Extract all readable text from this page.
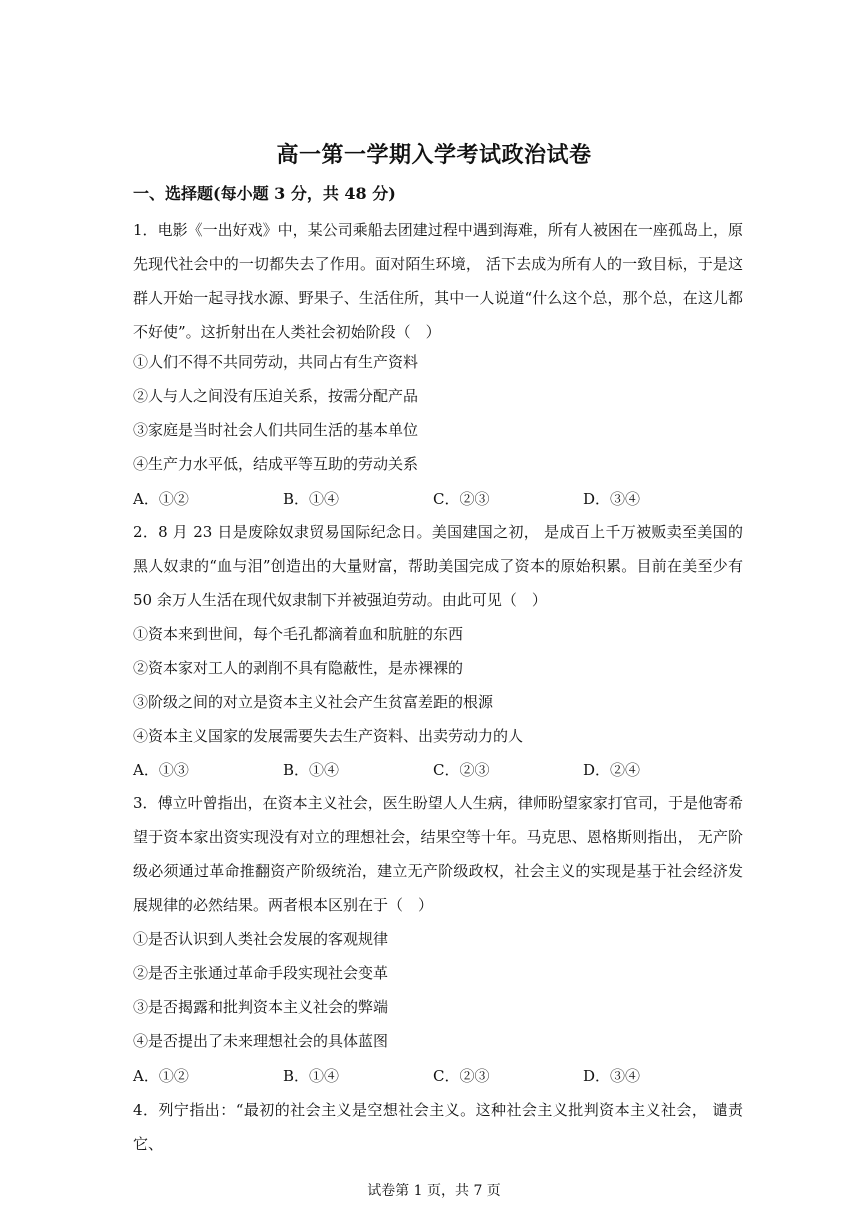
高一第一学期入学考试政治试卷
一、选择题(每小题 3 分，共 48 分)
1．电影《一出好戏》中，某公司乘船去团建过程中遇到海难，所有人被困在一座孤岛上，原先现代社会中的一切都失去了作用。面对陌生环境， 活下去成为所有人的一致目标，于是这群人开始一起寻找水源、野果子、生活住所，其中一人说道“什么这个总，那个总，在这儿都不好使”。这折射出在人类社会初始阶段（　）
①人们不得不共同劳动，共同占有生产资料
②人与人之间没有压迫关系，按需分配产品
③家庭是当时社会人们共同生活的基本单位
④生产力水平低，结成平等互助的劳动关系
A．①②	B．①④	C．②③	D．③④
2．8 月 23 日是废除奴隶贸易国际纪念日。美国建国之初， 是成百上千万被贩卖至美国的黑人奴隶的“血与泪”创造出的大量财富，帮助美国完成了资本的原始积累。目前在美至少有 50 余万人生活在现代奴隶制下并被强迫劳动。由此可见（　）
①资本来到世间，每个毛孔都滴着血和肮脏的东西
②资本家对工人的剥削不具有隐蔽性，是赤裸裸的
③阶级之间的对立是资本主义社会产生贫富差距的根源
④资本主义国家的发展需要失去生产资料、出卖劳动力的人
A．①③	B．①④	C．②③	D．②④
3．傅立叶曾指出，在资本主义社会，医生盼望人人生病，律师盼望家家打官司，于是他寄希望于资本家出资实现没有对立的理想社会，结果空等十年。马克思、恩格斯则指出， 无产阶级必须通过革命推翻资产阶级统治，建立无产阶级政权，社会主义的实现是基于社会经济发展规律的必然结果。两者根本区别在于（　）
①是否认识到人类社会发展的客观规律
②是否主张通过革命手段实现社会变革
③是否揭露和批判资本主义社会的弊端
④是否提出了未来理想社会的具体蓝图
A．①②	B．①④	C．②③	D．③④
4．列宁指出：“最初的社会主义是空想社会主义。这种社会主义批判资本主义社会， 谴责它、
试卷第 1 页，共 7 页
